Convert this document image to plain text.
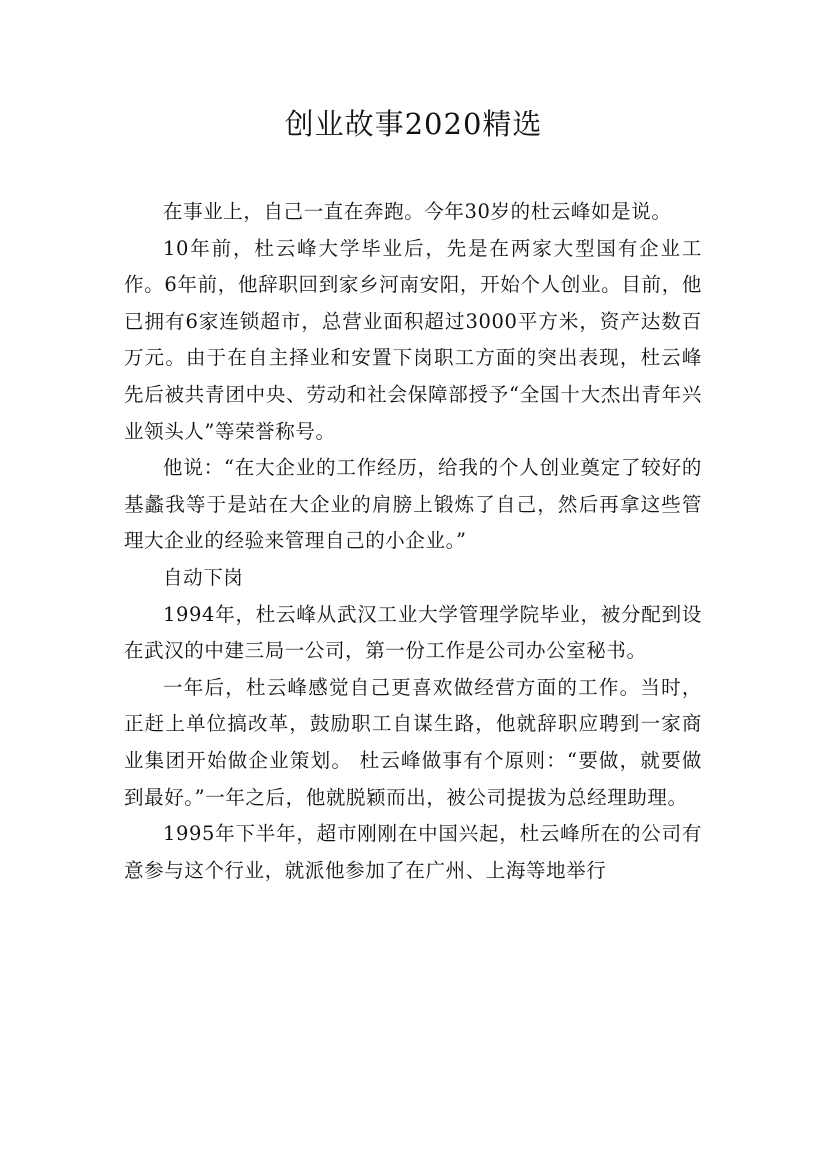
创业故事2020精选

在事业上，自己一直在奔跑。今年30岁的杜云峰如是说。

10年前，杜云峰大学毕业后，先是在两家大型国有企业工作。6年前，他辞职回到家乡河南安阳，开始个人创业。目前，他已拥有6家连锁超市，总营业面积超过3000平方米，资产达数百万元。由于在自主择业和安置下岗职工方面的突出表现，杜云峰先后被共青团中央、劳动和社会保障部授予“全国十大杰出青年兴业领头人”等荣誉称号。

他说：“在大企业的工作经历，给我的个人创业奠定了较好的基蠡我等于是站在大企业的肩膀上锻炼了自己，然后再拿这些管理大企业的经验来管理自己的小企业。”

自动下岗

1994年，杜云峰从武汉工业大学管理学院毕业，被分配到设在武汉的中建三局一公司，第一份工作是公司办公室秘书。

一年后，杜云峰感觉自己更喜欢做经营方面的工作。当时，正赶上单位搞改革，鼓励职工自谋生路，他就辞职应聘到一家商业集团开始做企业策划。 杜云峰做事有个原则：“要做，就要做到最好。”一年之后，他就脱颖而出，被公司提拔为总经理助理。

1995年下半年，超市刚刚在中国兴起，杜云峰所在的公司有意参与这个行业，就派他参加了在广州、上海等地举行
